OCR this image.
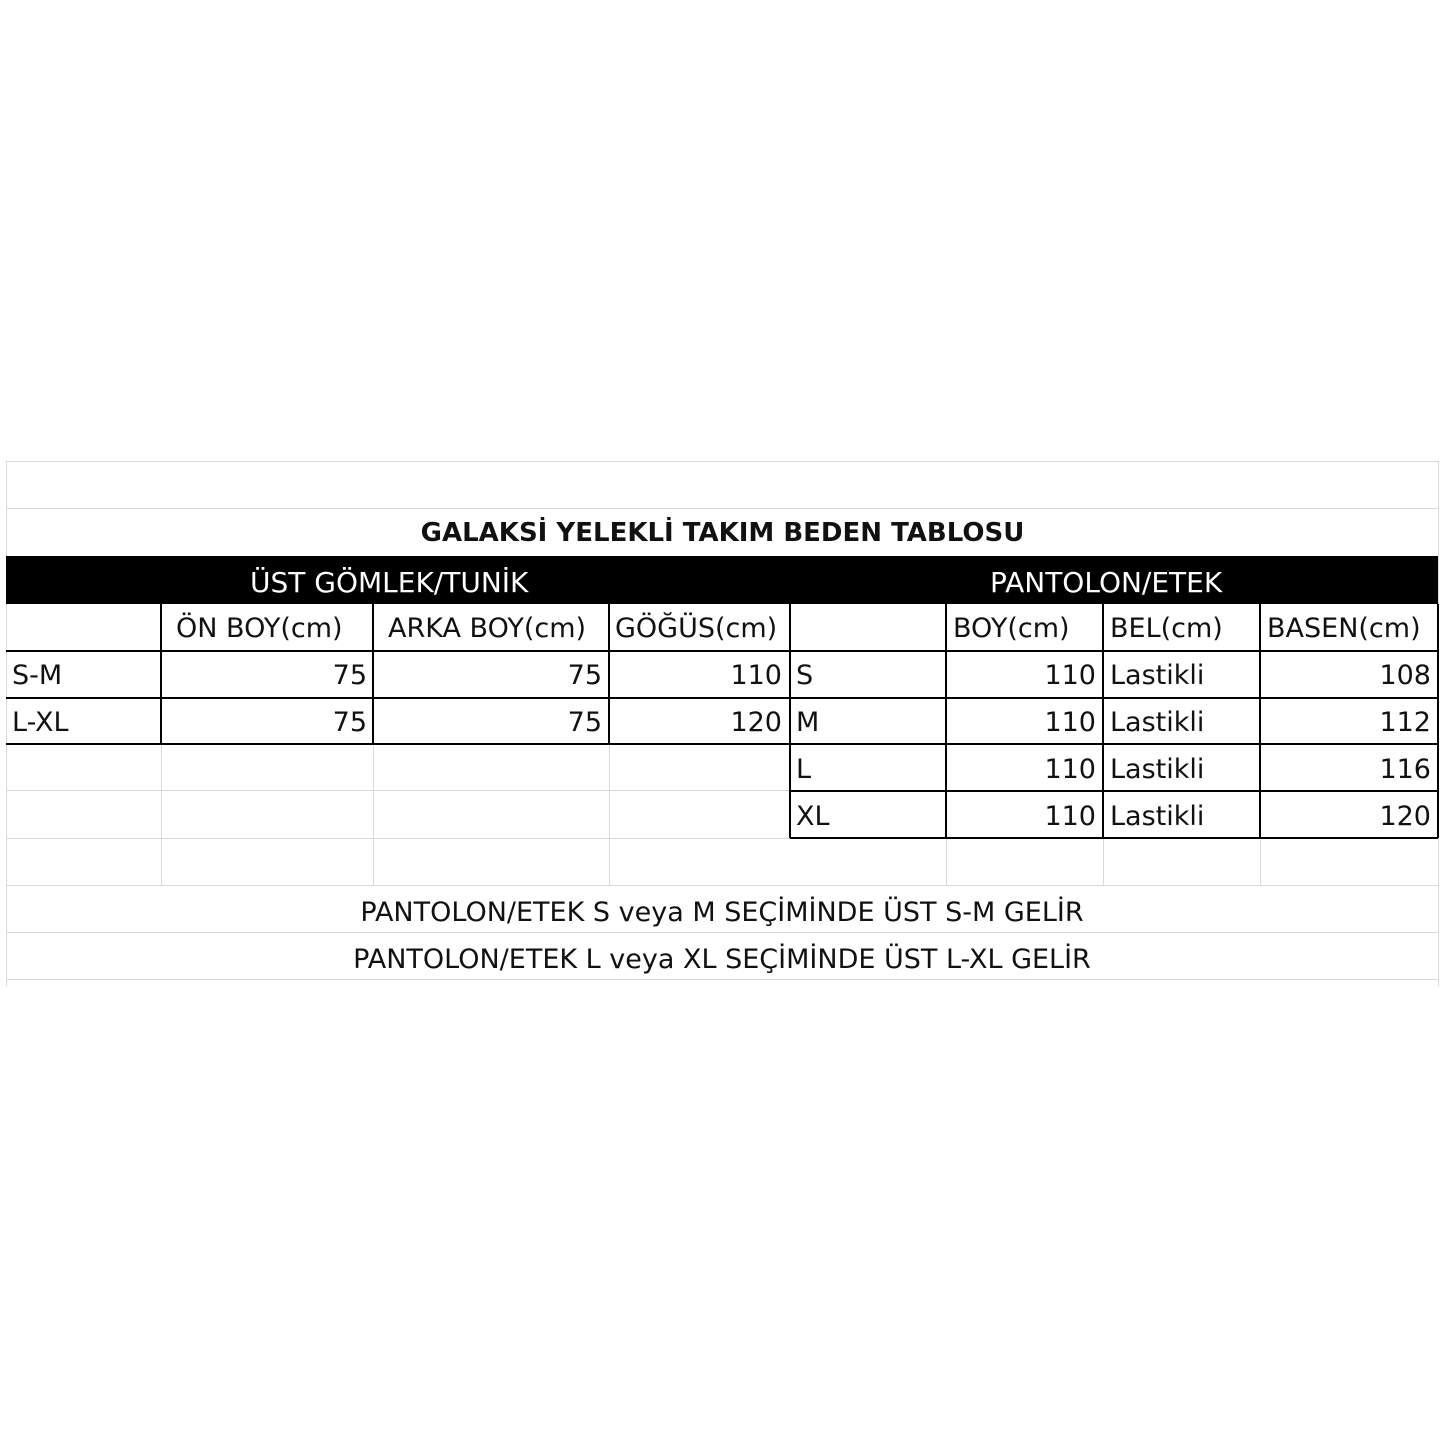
GALAKSİ YELEKLİ TAKIM BEDEN TABLOSU
ÜST GÖMLEK/TUNİK	PANTOLON/ETEK
ÖN BOY(cm) ARKA BOY(cm) GÖĞÜS(cm)
S-M	75	75	110
L-XL	75	75	120
BOY(cm) BEL(cm) BASEN(cm)
S	110 Lastikli	108
M	110 Lastikli	112
L	110 Lastikli	116
XL	110 Lastikli	120
PANTOLON/ETEK S veya M SEÇİMİNDE ÜST S-M GELİR
PANTOLON/ETEK L veya XL SEÇİMİNDE ÜST L-XL GELİR
